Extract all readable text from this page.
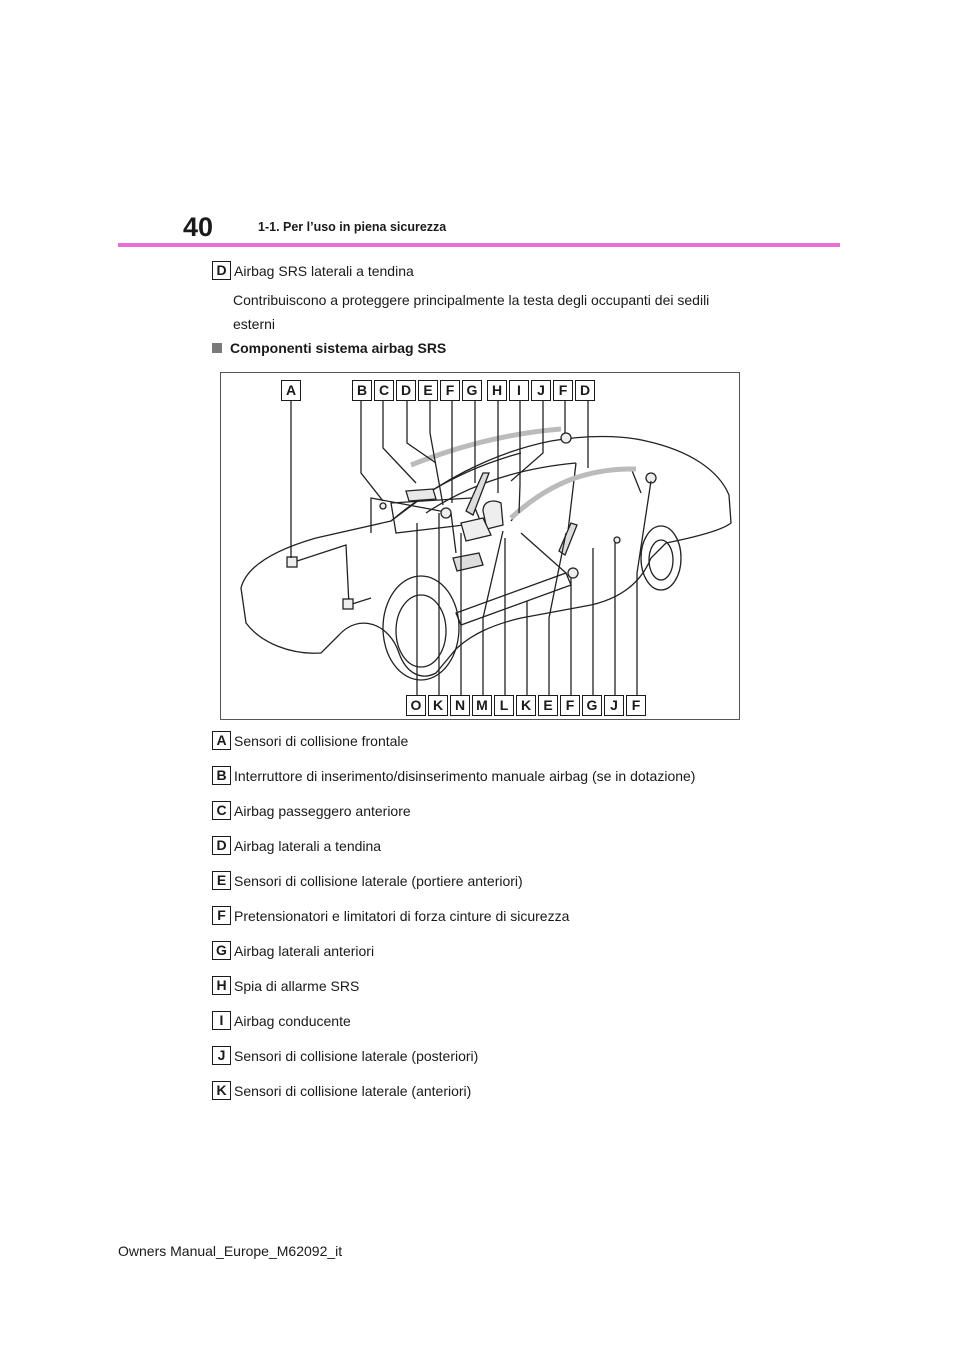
40	1-1. Per l’uso in piena sicurezza
D Airbag SRS laterali a tendina
Contribuiscono a proteggere principalmente la testa degli occupanti dei sedili esterni
Componenti sistema airbag SRS
A	B C D E F G	H	I	J F D
O K N M L K E F G J F
A Sensori di collisione frontale
B Interruttore di inserimento/disinserimento manuale airbag (se in dotazione)
C Airbag passeggero anteriore
D Airbag laterali a tendina
E Sensori di collisione laterale (portiere anteriori)
F Pretensionatori e limitatori di forza cinture di sicurezza
G Airbag laterali anteriori
H Spia di allarme SRS
I Airbag conducente
J Sensori di collisione laterale (posteriori)
K Sensori di collisione laterale (anteriori)
Owners Manual_Europe_M62092_it
